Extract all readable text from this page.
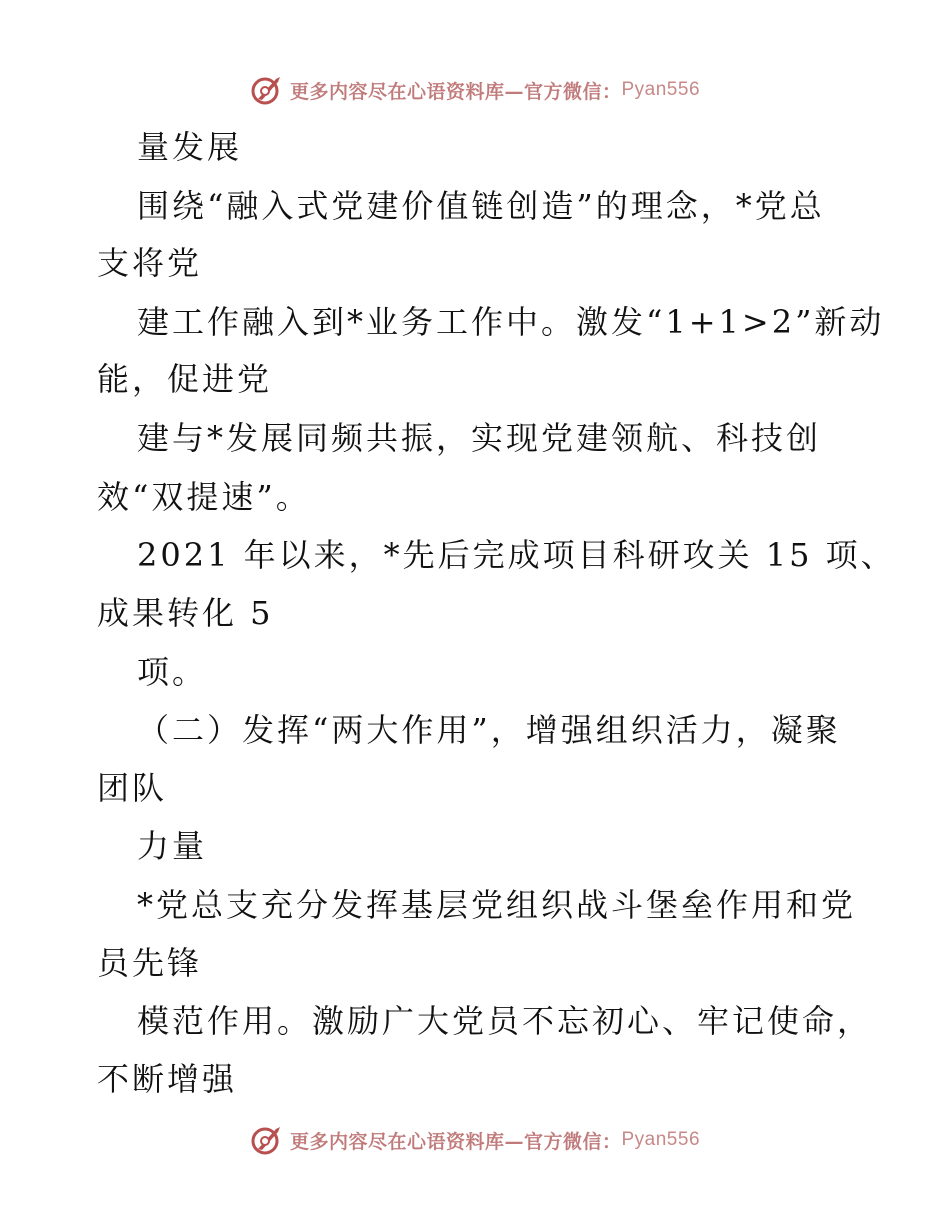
更多内容尽在心语资料库—官方微信： Pyan556
量发展
围绕“融入式党建价值链创造”的理念，*党总
支将党
建工作融入到*业务工作中。激发“1+1>2”新动
能，促进党
建与*发展同频共振，实现党建领航、科技创
效“双提速”。
2021 年以来，*先后完成项目科研攻关 15 项、
成果转化 5
项。
（二）发挥“两大作用”，增强组织活力，凝聚
团队
力量
*党总支充分发挥基层党组织战斗堡垒作用和党
员先锋
模范作用。激励广大党员不忘初心、牢记使命，
不断增强
更多内容尽在心语资料库—官方微信： Pyan556
